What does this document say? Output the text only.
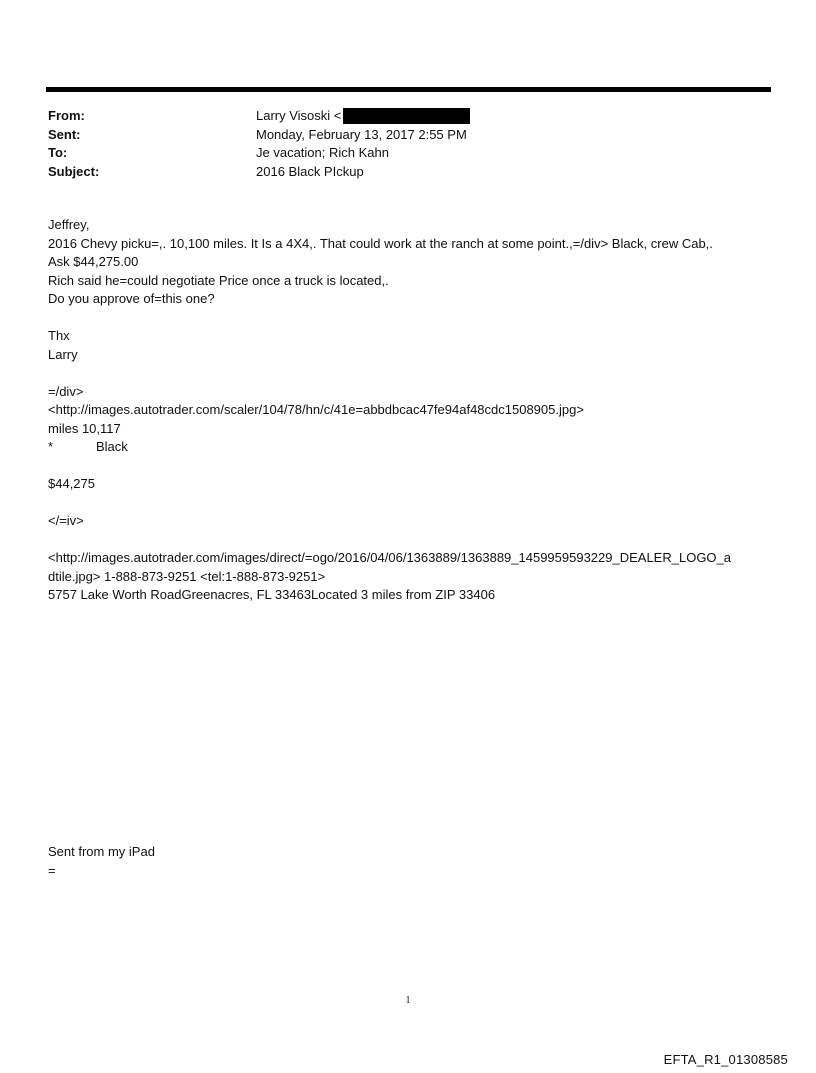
From:	Larry Visoski <
Sent:	Monday, February 13, 2017 2:55 PM
To:	Je vacation; Rich Kahn
Subject:	2016 Black PIckup
Jeffrey,
2016 Chevy picku=,. 10,100 miles. It Is a 4X4,. That could work at the ranch at some point.,=/div> Black, crew Cab,.
Ask $44,275.00
Rich said he=could negotiate Price once a truck is located,.
Do you approve of=this one?
Thx
Larry
=/div>
<http://images.autotrader.com/scaler/104/78/hn/c/41e=abbdbcac47fe94af48cdc1508905.jpg>
miles 10,117
*	Black
$44,275
</=iv>
<http://images.autotrader.com/images/direct/=ogo/2016/04/06/1363889/1363889_1459959593229_DEALER_LOGO_a
dtile.jpg> 1-888-873-9251 <tel:1-888-873-9251>
5757 Lake Worth RoadGreenacres, FL 33463Located 3 miles from ZIP 33406
Sent from my iPad
=
1
EFTA_R1_01308585
